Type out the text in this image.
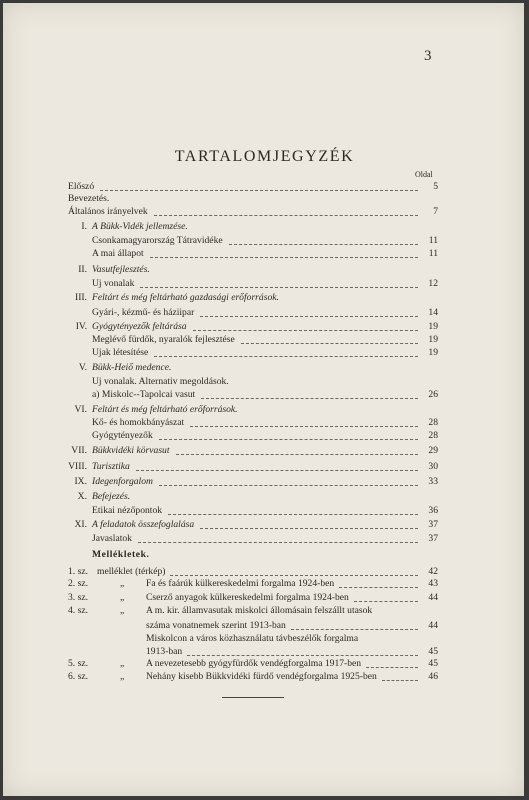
3
TARTALOMJEGYZÉK
Oldal
Előszó	5
Bevezetés.
Általános irányelvek	7
I. A Bükk-Vidék jellemzése.
Csonkamagyarország Tátravidéke	11
A mai állapot	11
II. Vasutfejlesztés.
Uj vonalak	12
III. Feltárt és még feltárható gazdasági erőforrások.
Gyári-, kézmű- és háziipar	14
IV. Gyógytényezők feltárása	19
Meglévő fürdők, nyaralók fejlesztése	19
Ujak létesítése	19
V. Bükk-Heiő medence.
Uj vonalak. Alternativ megoldások.
a) Miskolc--Tapolcai vasut	26
VI. Feltárt és még feltárható erőforrások.
Kő- és homokbányászat	28
Gyógytényezők	28
VII. Bükkvidéki körvasut	29
VIII. Turisztika	30
IX. Idegenforgalom	33
X. Befejezés.
Etikai nézőpontok	36
XI. A feladatok összefoglalása	37
Javaslatok	37
Mellékletek.
1. sz. melléklet (térkép)	42
2. sz.	„ Fa és faárúk külkereskedelmi forgalma 1924-ben	43
3. sz.	„ Cserző anyagok külkereskedelmi forgalma 1924-ben	44
4. sz.	„ A m. kir. államvasutak miskolci állomásain felszállt utasok
száma vonatnemek szerint 1913-ban	44
Miskolcon a város közhasználatu távbeszélők forgalma
1913-ban	45
5. sz.	„ A nevezetesebb gyógyfürdők vendégforgalma 1917-ben	45
6. sz.	„ Nehány kisebb Bükkvidéki fürdő vendégforgalma 1925-ben	46
